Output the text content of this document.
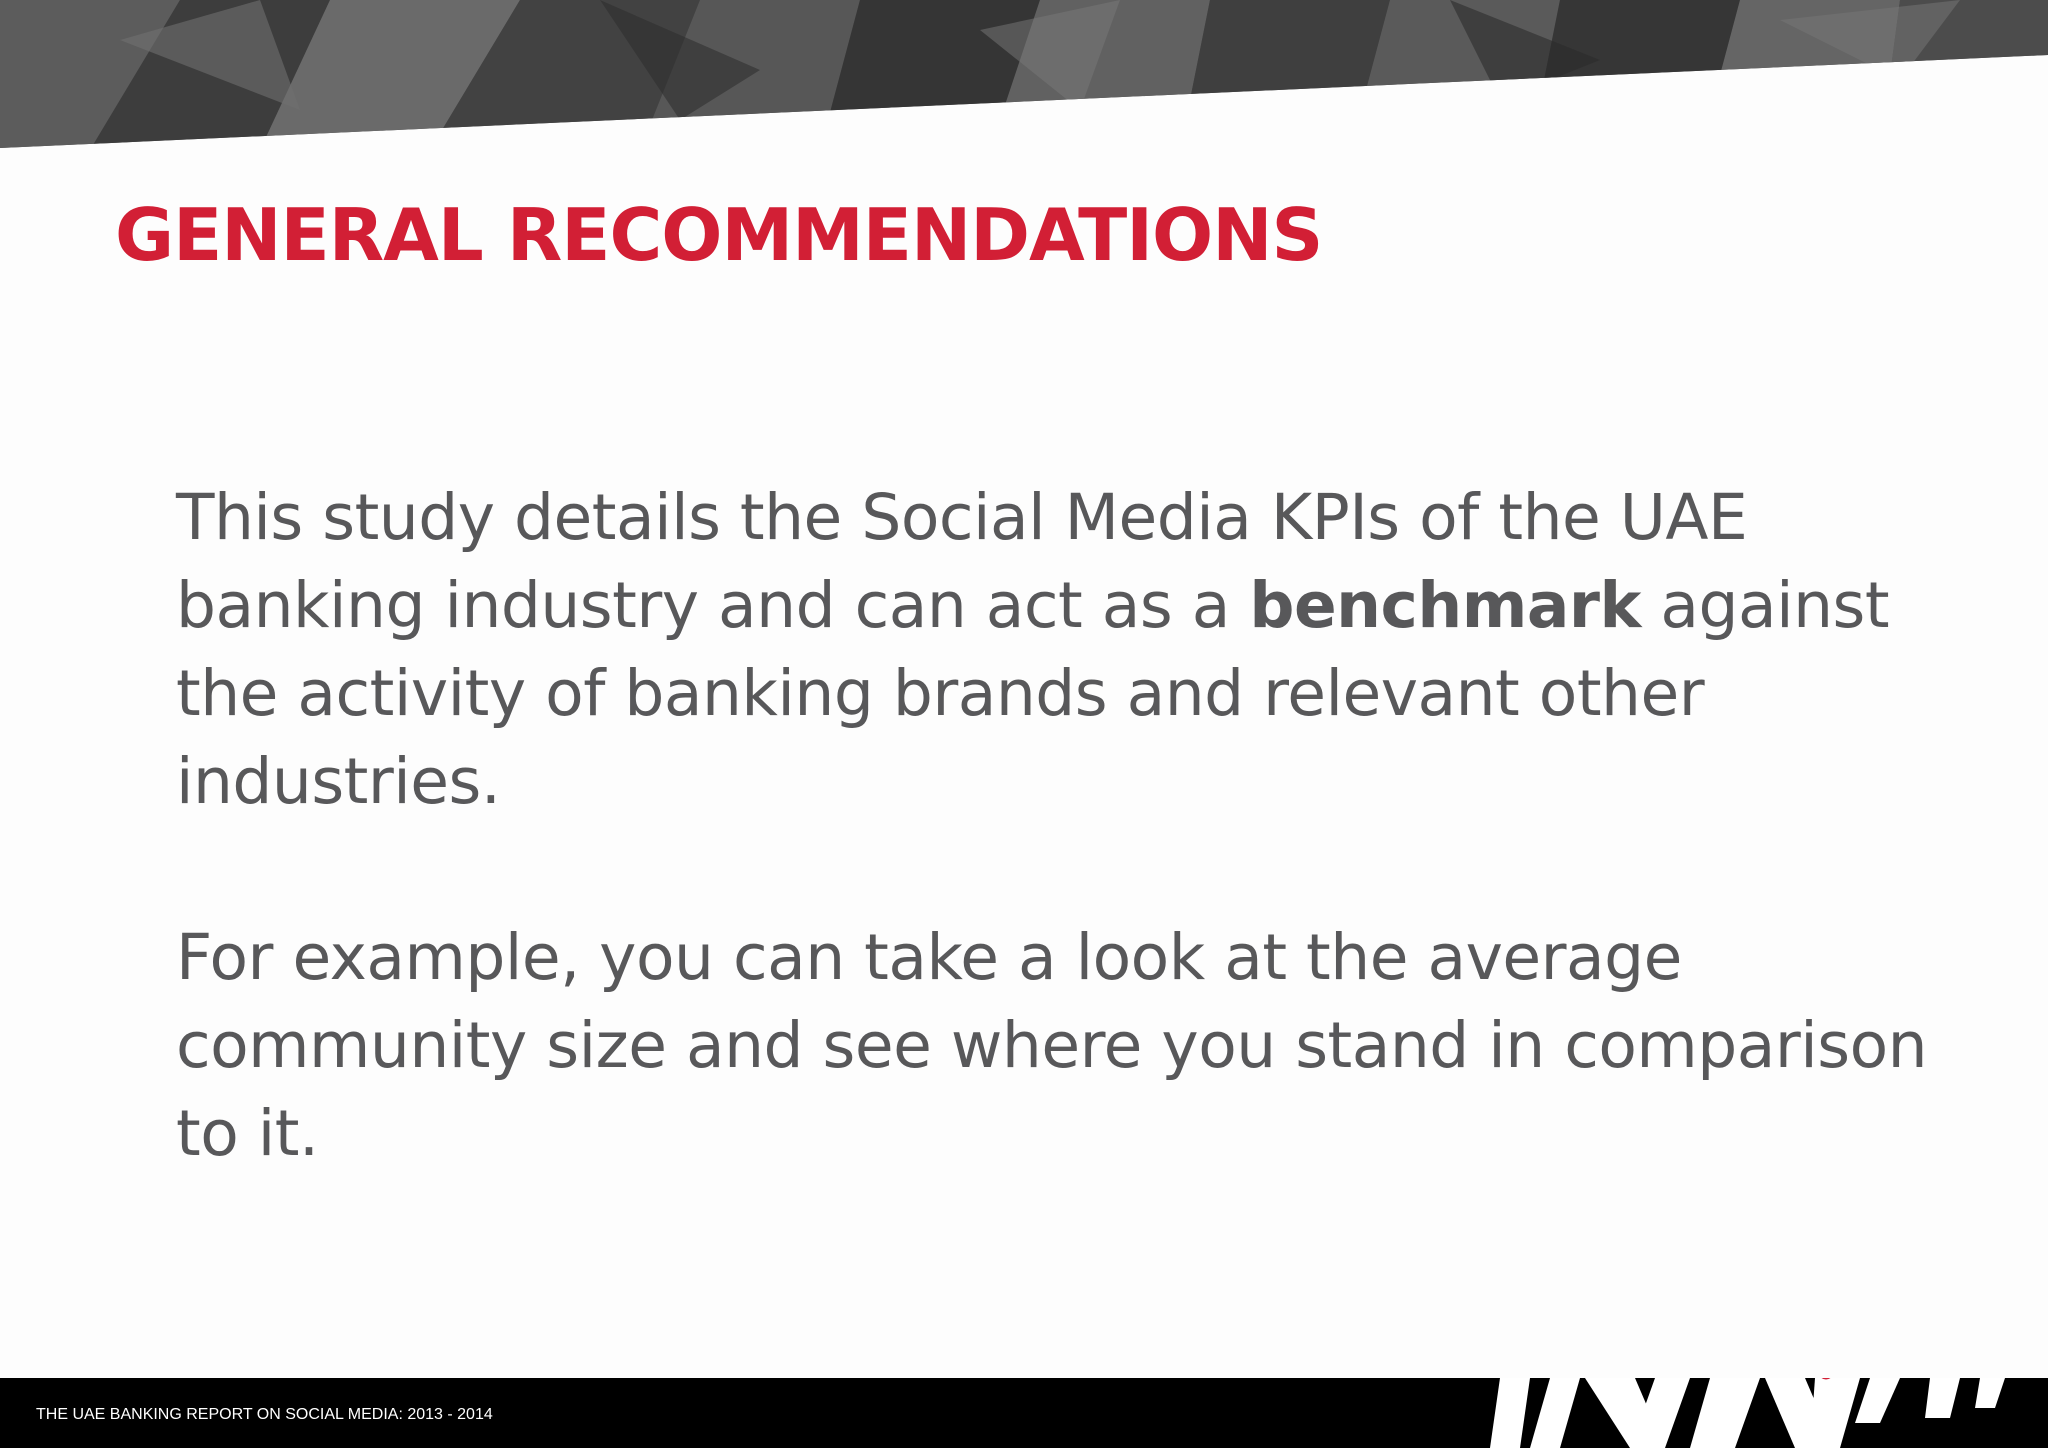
GENERAL RECOMMENDATIONS

This study details the Social Media KPIs of the UAE banking industry and can act as a benchmark against the activity of banking brands and relevant other industries.

For example, you can take a look at the average community size and see where you stand in comparison to it.

THE UAE BANKING REPORT ON SOCIAL MEDIA: 2013 - 2014
